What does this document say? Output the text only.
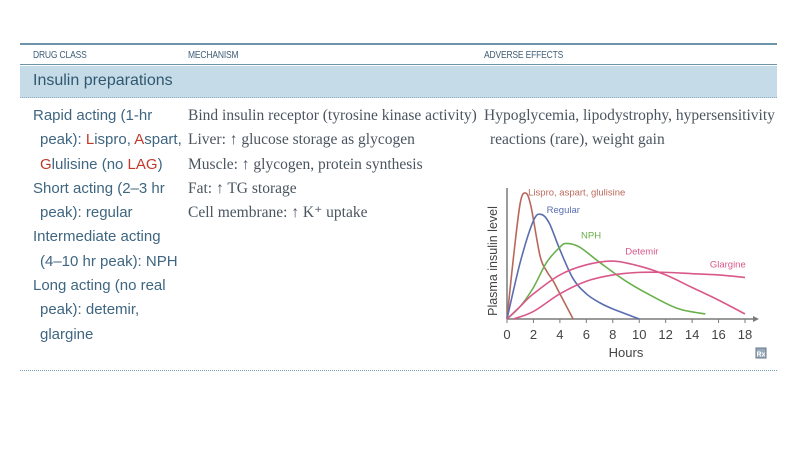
DRUG CLASS	MECHANISM	ADVERSE EFFECTS
Insulin preparations
Rapid acting (1-hr
peak): Lispro, Aspart,
Glulisine (no LAG)
Short acting (2–3 hr
peak): regular
Intermediate acting
(4–10 hr peak): NPH
Long acting (no real
peak): detemir,
glargine
Bind insulin receptor (tyrosine kinase activity)
Liver: ↑ glucose storage as glycogen
Muscle: ↑ glycogen, protein synthesis
Fat: ↑ TG storage
Cell membrane: ↑ K⁺ uptake
Hypoglycemia, lipodystrophy, hypersensitivity
reactions (rare), weight gain
0 2 4 6 8 10 12 14 16 18
Hours
Plasma insulin level
Lispro, aspart, glulisine
Regular
NPH
Detemir
Glargine
Rx
